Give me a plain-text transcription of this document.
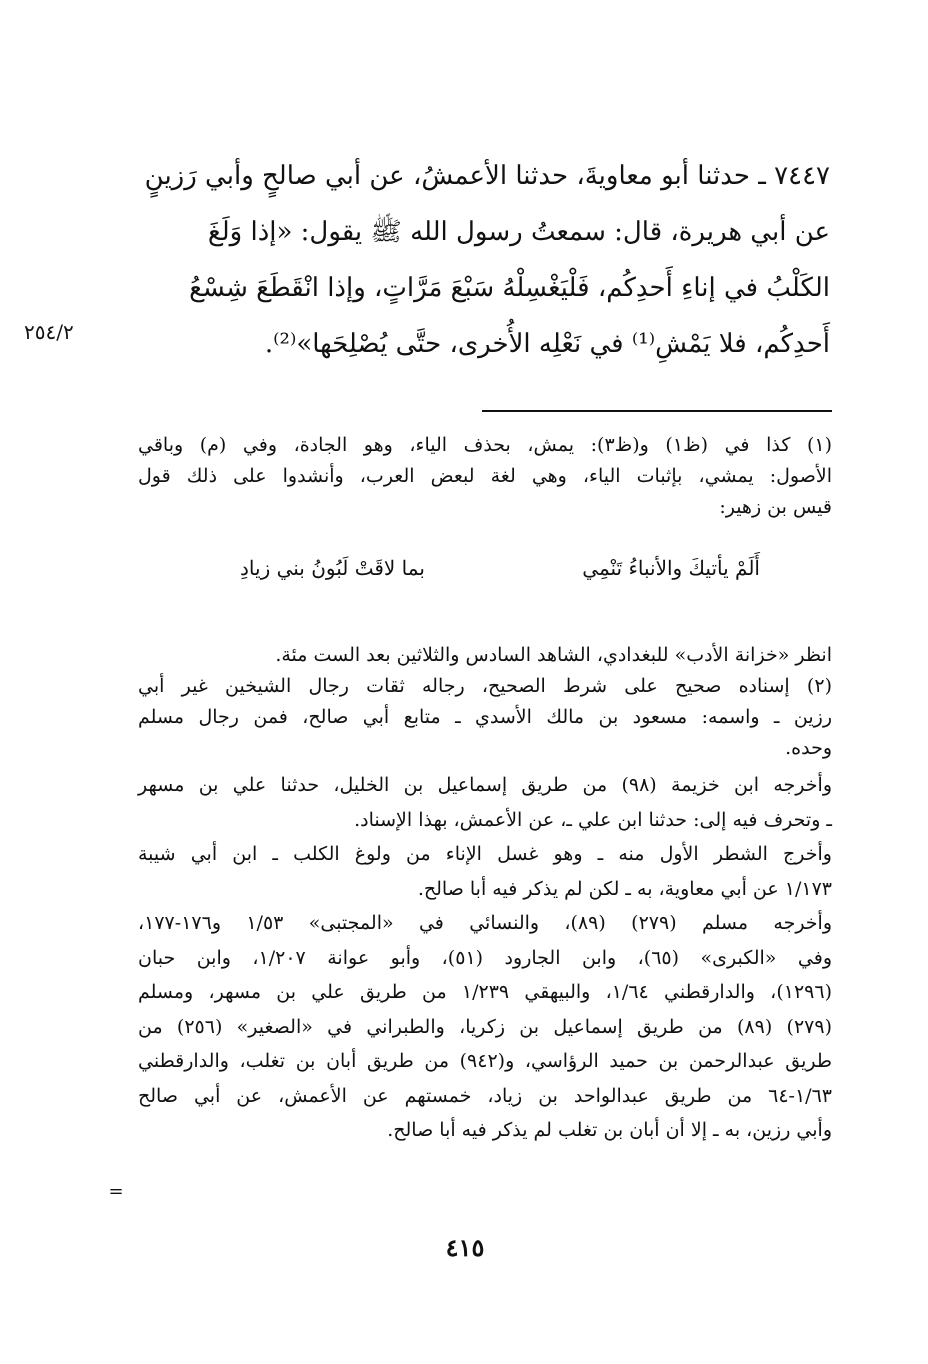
٧٤٤٧ ـ حدثنا أبو معاويةَ، حدثنا الأعمشُ، عن أبي صالحٍ وأبي رَزينٍ
عن أبي هريرة، قال: سمعتُ رسول الله ﷺ يقول: «إذا وَلَغَ
الكَلْبُ في إناءِ أَحدِكُم، فَلْيَغْسِلْهُ سَبْعَ مَرَّاتٍ، وإذا انْقَطَعَ شِسْعُ
أَحدِكُم، فلا يَمْشِ⁽¹⁾ في نَعْلِه الأُخرى، حتَّى يُصْلِحَها»⁽²⁾.
٢٥٤/٢
(١) كذا في (ظ١) و(ظ٣): يمش، بحذف الياء، وهو الجادة، وفي (م) وباقي
الأصول: يمشي، بإثبات الياء، وهي لغة لبعض العرب، وأنشدوا على ذلك قول
قيس بن زهير:
أَلَمْ يأتيكَ والأنباءُ تَنْمِي
بما لاقَتْ لَبُونُ بني زيادِ
انظر «خزانة الأدب» للبغدادي، الشاهد السادس والثلاثين بعد الست مئة.
(٢) إسناده صحيح على شرط الصحيح، رجاله ثقات رجال الشيخين غير أبي
رزين ـ واسمه: مسعود بن مالك الأسدي ـ متابع أبي صالح، فمن رجال مسلم
وحده.
وأخرجه ابن خزيمة (٩٨) من طريق إسماعيل بن الخليل، حدثنا علي بن مسهر
ـ وتحرف فيه إلى: حدثنا ابن علي ـ، عن الأعمش، بهذا الإسناد.
وأخرج الشطر الأول منه ـ وهو غسل الإناء من ولوغ الكلب ـ ابن أبي شيبة
١/١٧٣ عن أبي معاوية، به ـ لكن لم يذكر فيه أبا صالح.
وأخرجه مسلم (٢٧٩) (٨٩)، والنسائي في «المجتبى» ١/٥٣ و١٧٦-١٧٧،
وفي «الكبرى» (٦٥)، وابن الجارود (٥١)، وأبو عوانة ١/٢٠٧، وابن حبان
(١٢٩٦)، والدارقطني ١/٦٤، والبيهقي ١/٢٣٩ من طريق علي بن مسهر، ومسلم
(٢٧٩) (٨٩) من طريق إسماعيل بن زكريا، والطبراني في «الصغير» (٢٥٦) من
طريق عبدالرحمن بن حميد الرؤاسي، و(٩٤٢) من طريق أبان بن تغلب، والدارقطني
١/٦٣-٦٤ من طريق عبدالواحد بن زياد، خمستهم عن الأعمش، عن أبي صالح
وأبي رزين، به ـ إلا أن أبان بن تغلب لم يذكر فيه أبا صالح.
=
٤١٥
